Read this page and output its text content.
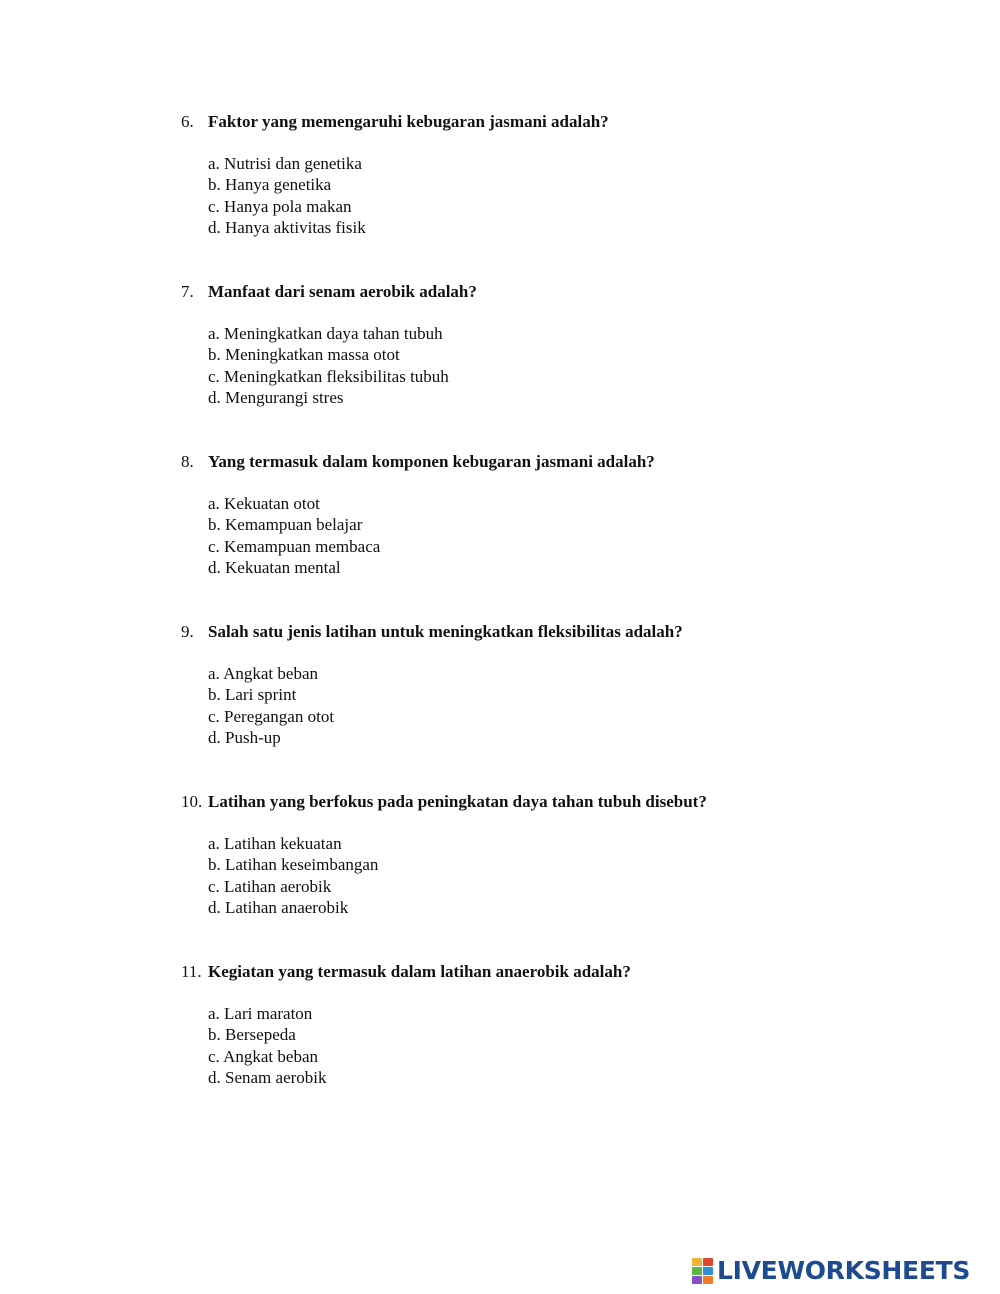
6. Faktor yang memengaruhi kebugaran jasmani adalah?
a. Nutrisi dan genetika
b. Hanya genetika
c. Hanya pola makan
d. Hanya aktivitas fisik
7. Manfaat dari senam aerobik adalah?
a. Meningkatkan daya tahan tubuh
b. Meningkatkan massa otot
c. Meningkatkan fleksibilitas tubuh
d. Mengurangi stres
8. Yang termasuk dalam komponen kebugaran jasmani adalah?
a. Kekuatan otot
b. Kemampuan belajar
c. Kemampuan membaca
d. Kekuatan mental
9. Salah satu jenis latihan untuk meningkatkan fleksibilitas adalah?
a. Angkat beban
b. Lari sprint
c. Peregangan otot
d. Push-up
10. Latihan yang berfokus pada peningkatan daya tahan tubuh disebut?
a. Latihan kekuatan
b. Latihan keseimbangan
c. Latihan aerobik
d. Latihan anaerobik
11. Kegiatan yang termasuk dalam latihan anaerobik adalah?
a. Lari maraton
b. Bersepeda
c. Angkat beban
d. Senam aerobik
LIVEWORKSHEETS
